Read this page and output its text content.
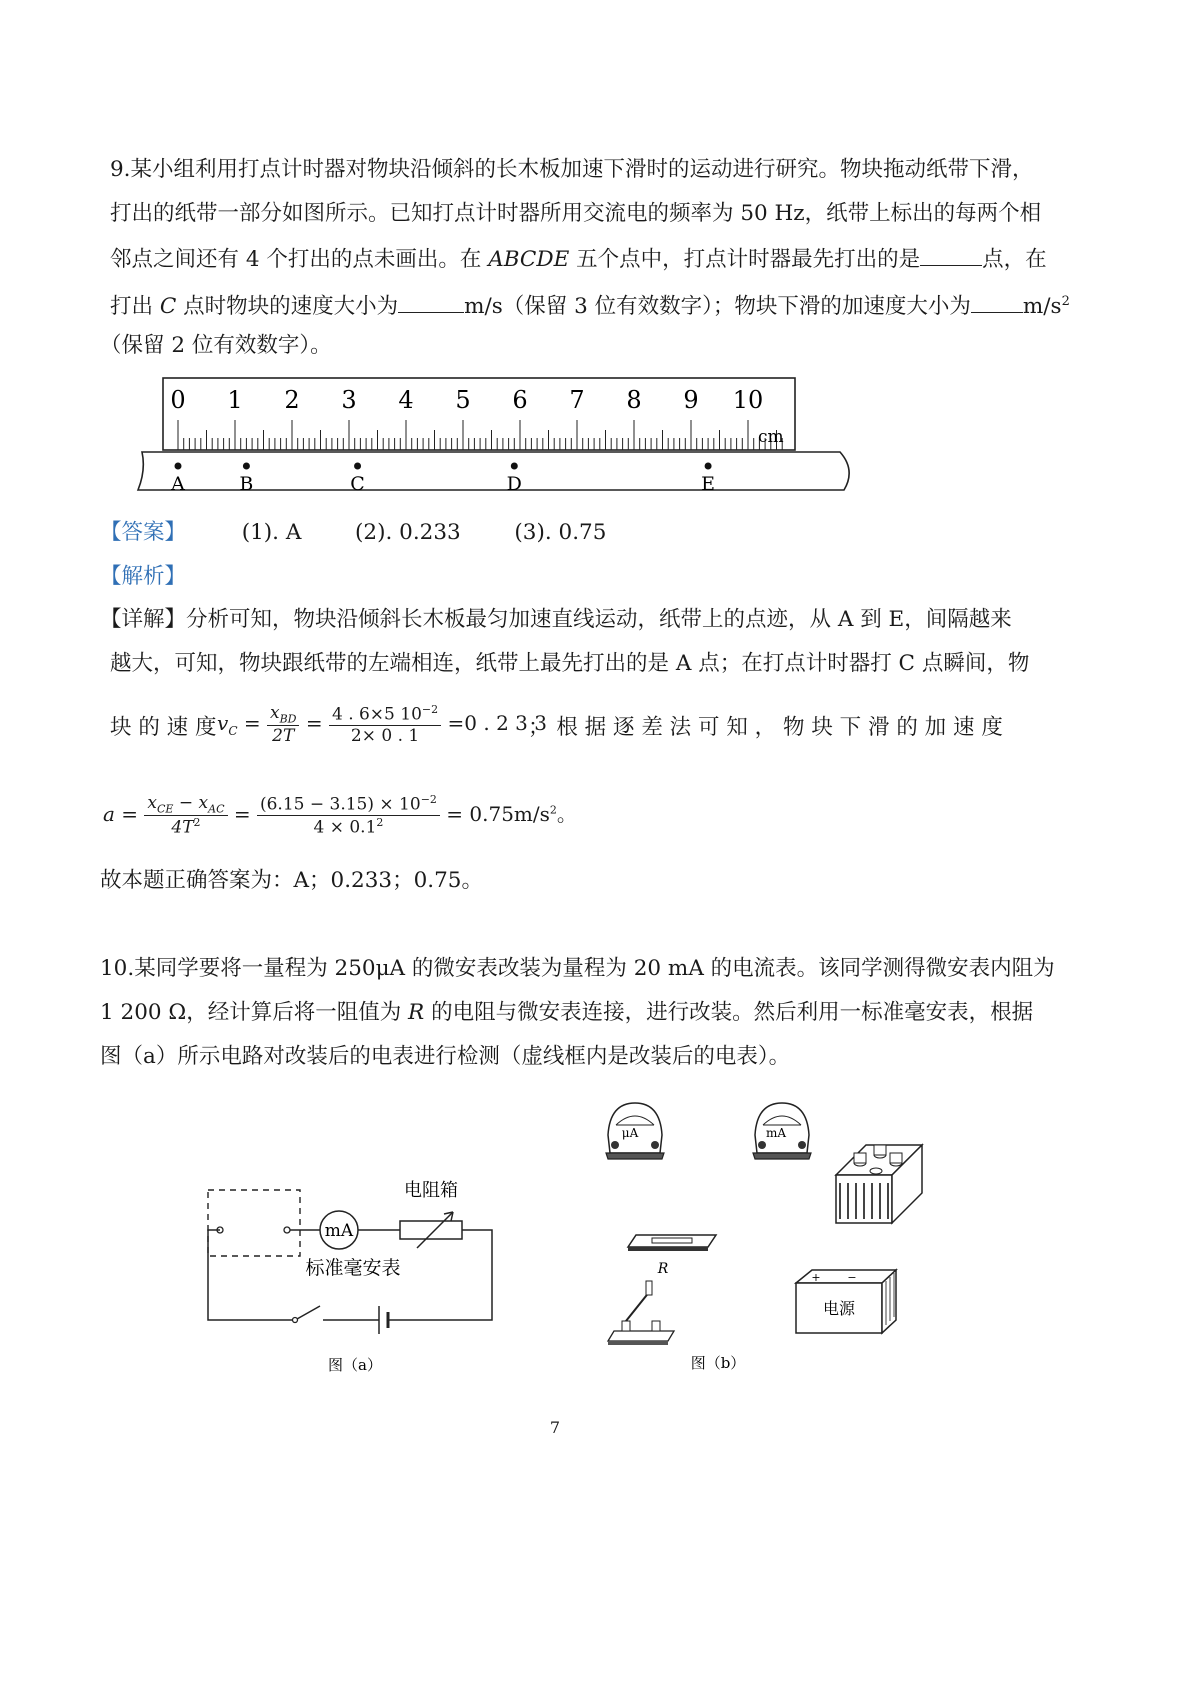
9.某小组利用打点计时器对物块沿倾斜的长木板加速下滑时的运动进行研究。物块拖动纸带下滑，
打出的纸带一部分如图所示。已知打点计时器所用交流电的频率为 50 Hz，纸带上标出的每两个相
邻点之间还有 4 个打出的点未画出。在 ABCDE 五个点中，打点计时器最先打出的是	点，在
打出 C 点时物块的速度大小为	m/s（保留 3 位有效数字）；物块下滑的加速度大小为 $m/s^2$
（保留 2 位有效数字）。
0 1 2 3 4 5 6 7 8 9 10
cm
A	B	C	D	E
【答案】	(1). A (2). 0.233 (3). 0.75
【解析】
【详解】分析可知，物块沿倾斜长木板最匀加速直线运动，纸带上的点迹，从 A 到 E，间隔越来
越大，可知，物块跟纸带的左端相连，纸带上最先打出的是 A 点；在打点计时器打 C 点瞬间，物
块 的 速 度 $v_C = \frac{x_{BD}}{2T} = \frac{4 . 6\times 5 10^{-2}}{2\times 0 . 1} =0$ . 2 3 3
； 根 据 逐 差 法 可 知 ， 物 块 下 滑 的 加 速 度
$a = \frac{x_{CE} - x_{AC}}{4T^2} = \frac{(6.15 - 3.15) \times 10^{-2}}{4 \times 0.1^2} = 0.75m/s^2$。
故本题正确答案为：A；0.233；0.75。
10.某同学要将一量程为 250μA 的微安表改装为量程为 20 mA 的电流表。该同学测得微安表内阻为
1 200 Ω，经计算后将一阻值为 R 的电阻与微安表连接，进行改装。然后利用一标准毫安表，根据
图（a）所示电路对改装后的电表进行检测（虚线框内是改装后的电表）。
mA
电阻箱
标准毫安表
图（a）
μA	mA
R
+ −
电源
图（b）
7
